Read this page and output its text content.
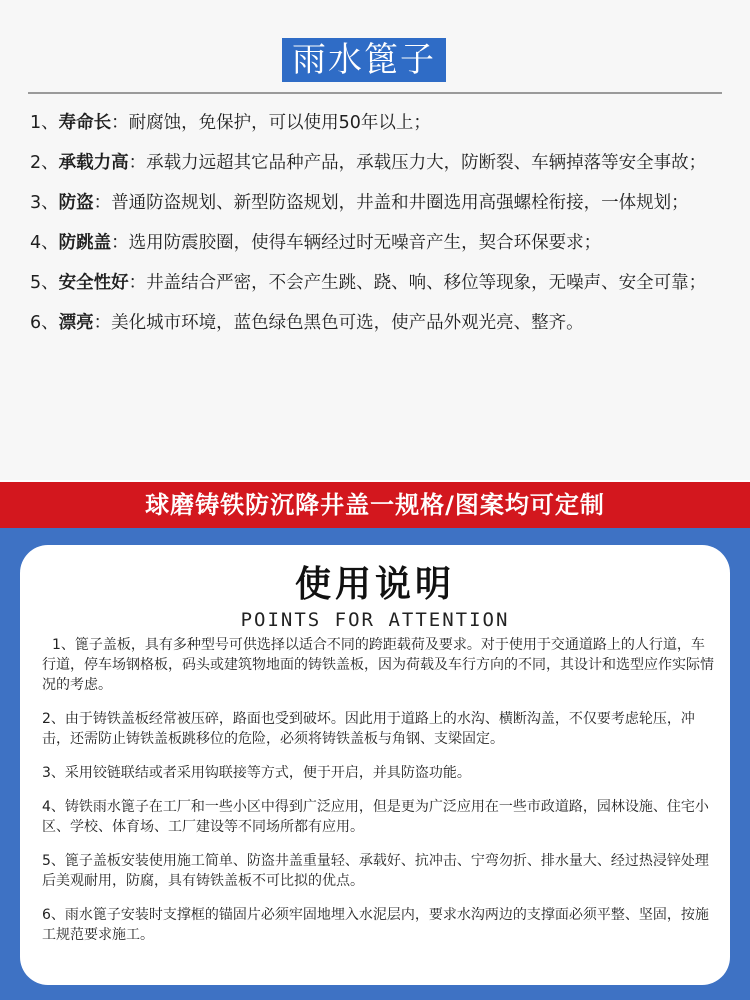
雨水篦子

1、寿命长：耐腐蚀，免保护，可以使用50年以上；

2、承载力高：承载力远超其它品种产品，承载压力大，防断裂、车辆掉落等安全事故；

3、防盗：普通防盗规划、新型防盗规划，井盖和井圈选用高强螺栓衔接，一体规划；

4、防跳盖：选用防震胶圈，使得车辆经过时无噪音产生，契合环保要求；

5、安全性好：井盖结合严密，不会产生跳、跷、响、移位等现象，无噪声、安全可靠；

6、漂亮：美化城市环境，蓝色绿色黑色可选，使产品外观光亮、整齐。

球磨铸铁防沉降井盖一规格/图案均可定制
使用说明
POINTS FOR ATTENTION

1、篦子盖板，具有多种型号可供选择以适合不同的跨距载荷及要求。对于使用于交通道路上的人行道，车行道，停车场钢格板，码头或建筑物地面的铸铁盖板，因为荷载及车行方向的不同，其设计和选型应作实际情况的考虑。

2、由于铸铁盖板经常被压碎，路面也受到破坏。因此用于道路上的水沟、横断沟盖，不仅要考虑轮压，冲击，还需防止铸铁盖板跳移位的危险，必须将铸铁盖板与角钢、支梁固定。

3、采用铰链联结或者采用钩联接等方式，便于开启，并具防盗功能。

4、铸铁雨水篦子在工厂和一些小区中得到广泛应用，但是更为广泛应用在一些市政道路，园林设施、住宅小区、学校、体育场、工厂建设等不同场所都有应用。

5、篦子盖板安装使用施工简单、防盗井盖重量轻、承载好、抗冲击、宁弯勿折、排水量大、经过热浸锌处理后美观耐用，防腐，具有铸铁盖板不可比拟的优点。

6、雨水篦子安装时支撑框的锚固片必须牢固地埋入水泥层内，要求水沟两边的支撑面必须平整、坚固，按施工规范要求施工。
